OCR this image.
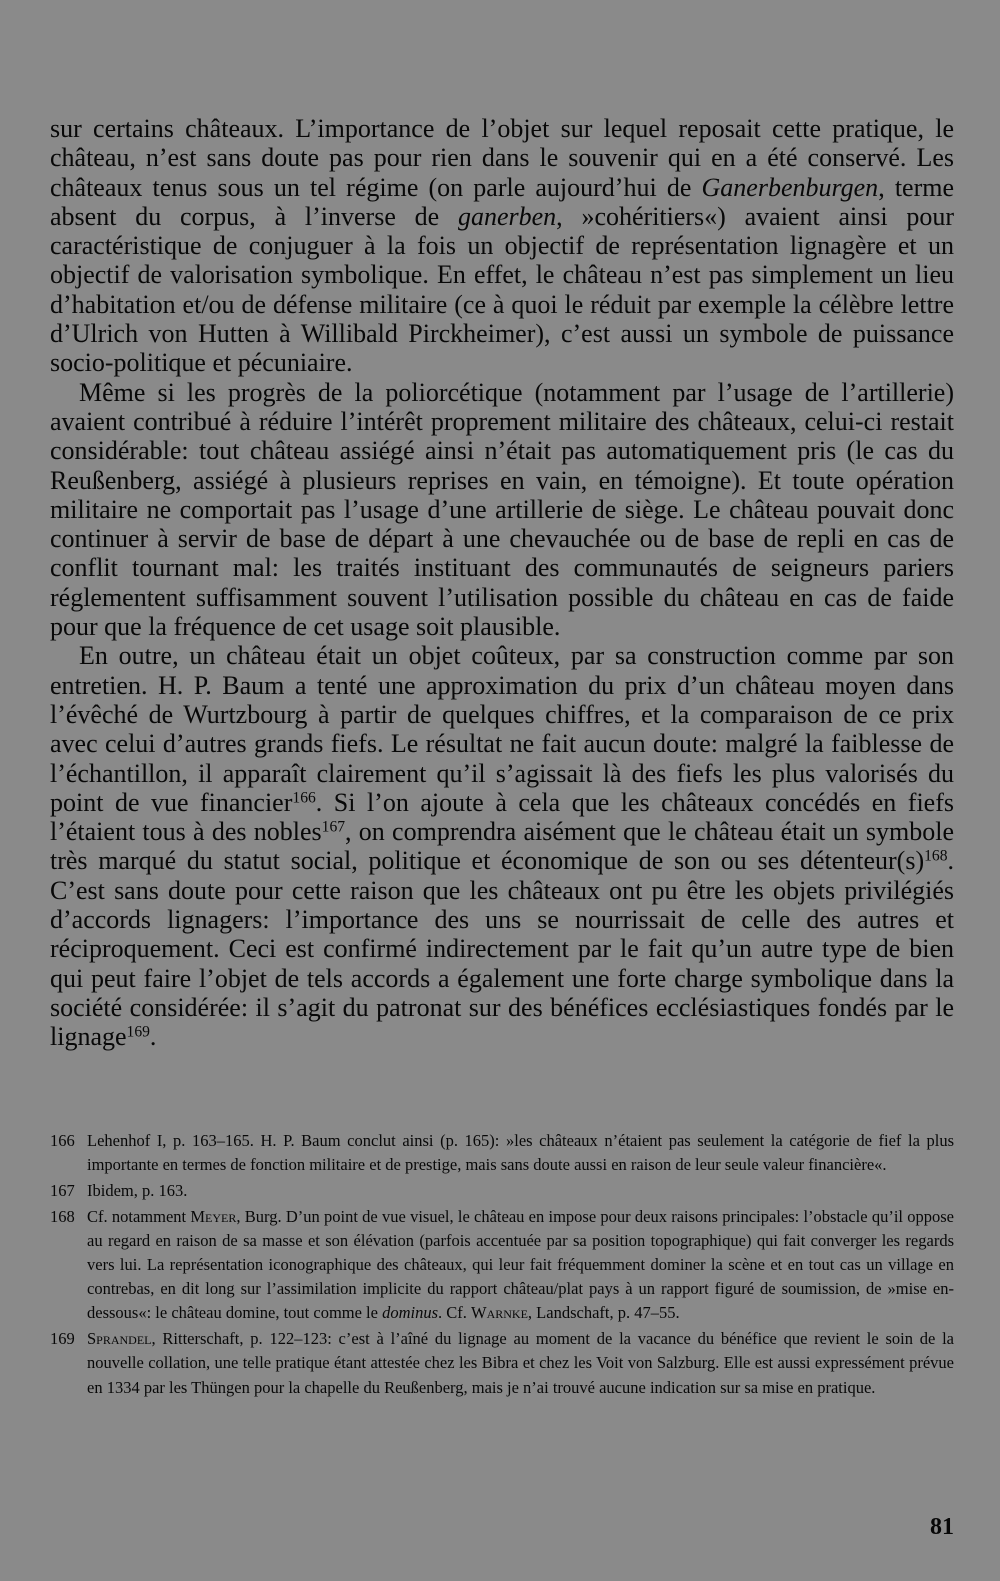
sur certains châteaux. L’importance de l’objet sur lequel reposait cette pratique, le château, n’est sans doute pas pour rien dans le souvenir qui en a été conservé. Les châteaux tenus sous un tel régime (on parle aujourd’hui de Ganerbenburgen, terme absent du corpus, à l’inverse de ganerben, »cohéritiers«) avaient ainsi pour caractéristique de conjuguer à la fois un objectif de représentation lignagère et un objectif de valorisation symbolique. En effet, le château n’est pas simplement un lieu d’habitation et/ou de défense militaire (ce à quoi le réduit par exemple la célèbre lettre d’Ulrich von Hutten à Willibald Pirckheimer), c’est aussi un symbole de puissance socio-politique et pécuniaire.

Même si les progrès de la poliorcétique (notamment par l’usage de l’artillerie) avaient contribué à réduire l’intérêt proprement militaire des châteaux, celui-ci restait considérable: tout château assiégé ainsi n’était pas automatiquement pris (le cas du Reußenberg, assiégé à plusieurs reprises en vain, en témoigne). Et toute opération militaire ne comportait pas l’usage d’une artillerie de siège. Le château pouvait donc continuer à servir de base de départ à une chevauchée ou de base de repli en cas de conflit tournant mal: les traités instituant des communautés de seigneurs pariers réglementent suffisamment souvent l’utilisation possible du château en cas de faide pour que la fréquence de cet usage soit plausible.

En outre, un château était un objet coûteux, par sa construction comme par son entretien. H. P. Baum a tenté une approximation du prix d’un château moyen dans l’évêché de Wurtzbourg à partir de quelques chiffres, et la comparaison de ce prix avec celui d’autres grands fiefs. Le résultat ne fait aucun doute: malgré la faiblesse de l’échantillon, il apparaît clairement qu’il s’agissait là des fiefs les plus valorisés du point de vue financier$^{166}$. Si l’on ajoute à cela que les châteaux concédés en fiefs l’étaient tous à des nobles$^{167}$, on comprendra aisément que le château était un symbole très marqué du statut social, politique et économique de son ou ses $détenteur(s)^{168}$. C’est sans doute pour cette raison que les châteaux ont pu être les objets privilégiés d’accords lignagers: l’importance des uns se nourrissait de celle des autres et réciproquement. Ceci est confirmé indirectement par le fait qu’un autre type de bien qui peut faire l’objet de tels accords a également une forte charge symbolique dans la société considérée: il s’agit du patronat sur des bénéfices ecclésiastiques fondés par le lignage$^{169}$.

166 Lehenhof I, p. 163–165. H. P. Baum conclut ainsi (p. 165): »les châteaux n’étaient pas seulement la catégorie de fief la plus importante en termes de fonction militaire et de prestige, mais sans doute aussi en raison de leur seule valeur financière«.

167 Ibidem, p. 163.

168 Cf. notamment Meyer, Burg. D’un point de vue visuel, le château en impose pour deux raisons principales: l’obstacle qu’il oppose au regard en raison de sa masse et son élévation (parfois accentuée par sa position topographique) qui fait converger les regards vers lui. La représentation iconographique des châteaux, qui leur fait fréquemment dominer la scène et en tout cas un village en contrebas, en dit long sur l’assimilation implicite du rapport château/plat pays à un rapport figuré de soumission, de »mise en-dessous«: le château domine, tout comme le dominus. Cf. Warnke, Landschaft, p. 47–55.

169 Sprandel, Ritterschaft, p. 122–123: c’est à l’aîné du lignage au moment de la vacance du bénéfice que revient le soin de la nouvelle collation, une telle pratique étant attestée chez les Bibra et chez les Voit von Salzburg. Elle est aussi expressément prévue en 1334 par les Thüngen pour la chapelle du Reußenberg, mais je n’ai trouvé aucune indication sur sa mise en pratique.

81
